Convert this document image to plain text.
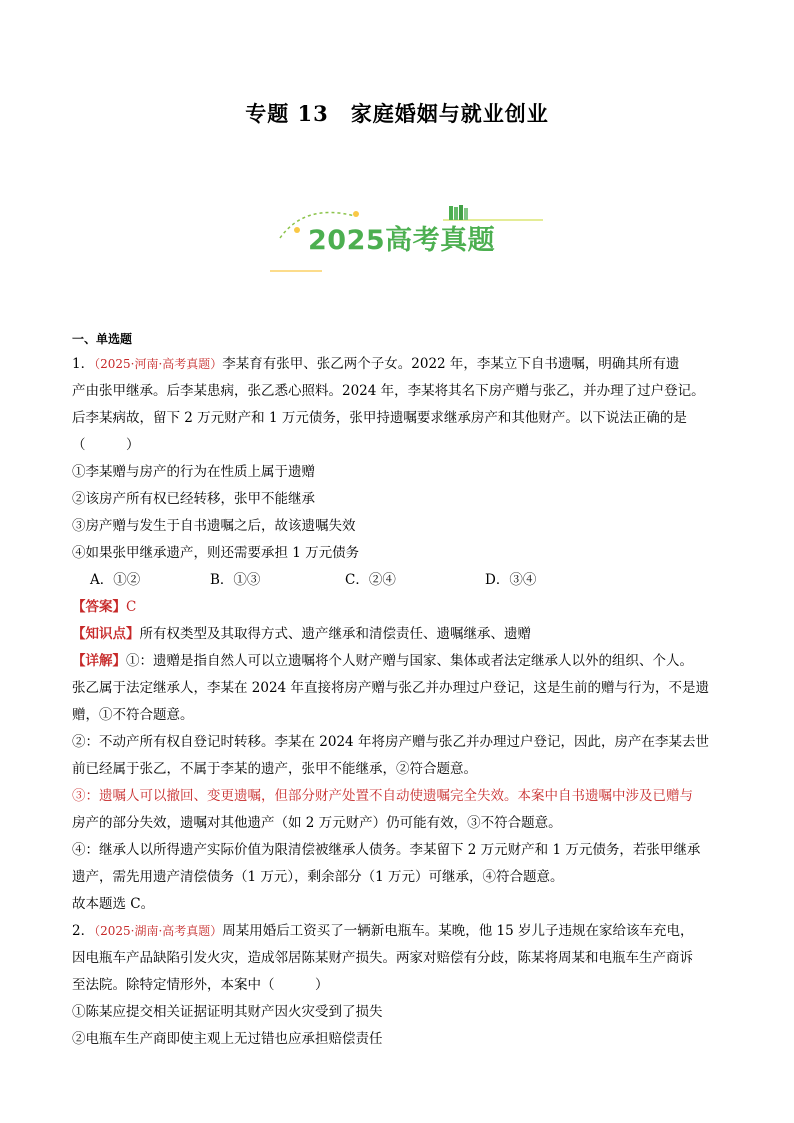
专题 13　家庭婚姻与就业创业
2025高考真题
一、单选题

1．（2025·河南·高考真题）李某育有张甲、张乙两个子女。2022 年，李某立下自书遗嘱，明确其所有遗

产由张甲继承。后李某患病，张乙悉心照料。2024 年，李某将其名下房产赠与张乙，并办理了过户登记。

后李某病故，留下 2 万元财产和 1 万元债务，张甲持遗嘱要求继承房产和其他财产。以下说法正确的是

（　　　）

①李某赠与房产的行为在性质上属于遗赠

②该房产所有权已经转移，张甲不能继承

③房产赠与发生于自书遗嘱之后，故该遗嘱失效

④如果张甲继承遗产，则还需要承担 1 万元债务

A．①②	B．①③	C．②④	D．③④

【答案】C

【知识点】所有权类型及其取得方式、遗产继承和清偿责任、遗嘱继承、遗赠

【详解】①：遗赠是指自然人可以立遗嘱将个人财产赠与国家、集体或者法定继承人以外的组织、个人。

张乙属于法定继承人，李某在 2024 年直接将房产赠与张乙并办理过户登记，这是生前的赠与行为，不是遗

赠，①不符合题意。

②：不动产所有权自登记时转移。李某在 2024 年将房产赠与张乙并办理过户登记，因此，房产在李某去世

前已经属于张乙，不属于李某的遗产，张甲不能继承，②符合题意。

③：遗嘱人可以撤回、变更遗嘱，但部分财产处置不自动使遗嘱完全失效。本案中自书遗嘱中涉及已赠与

房产的部分失效，遗嘱对其他遗产（如 2 万元财产）仍可能有效，③不符合题意。

④：继承人以所得遗产实际价值为限清偿被继承人债务。李某留下 2 万元财产和 1 万元债务，若张甲继承

遗产，需先用遗产清偿债务（1 万元），剩余部分（1 万元）可继承，④符合题意。

故本题选 C。

2．（2025·湖南·高考真题）周某用婚后工资买了一辆新电瓶车。某晚，他 15 岁儿子违规在家给该车充电，

因电瓶车产品缺陷引发火灾，造成邻居陈某财产损失。两家对赔偿有分歧，陈某将周某和电瓶车生产商诉

至法院。除特定情形外，本案中（　　　）

①陈某应提交相关证据证明其财产因火灾受到了损失

②电瓶车生产商即使主观上无过错也应承担赔偿责任
